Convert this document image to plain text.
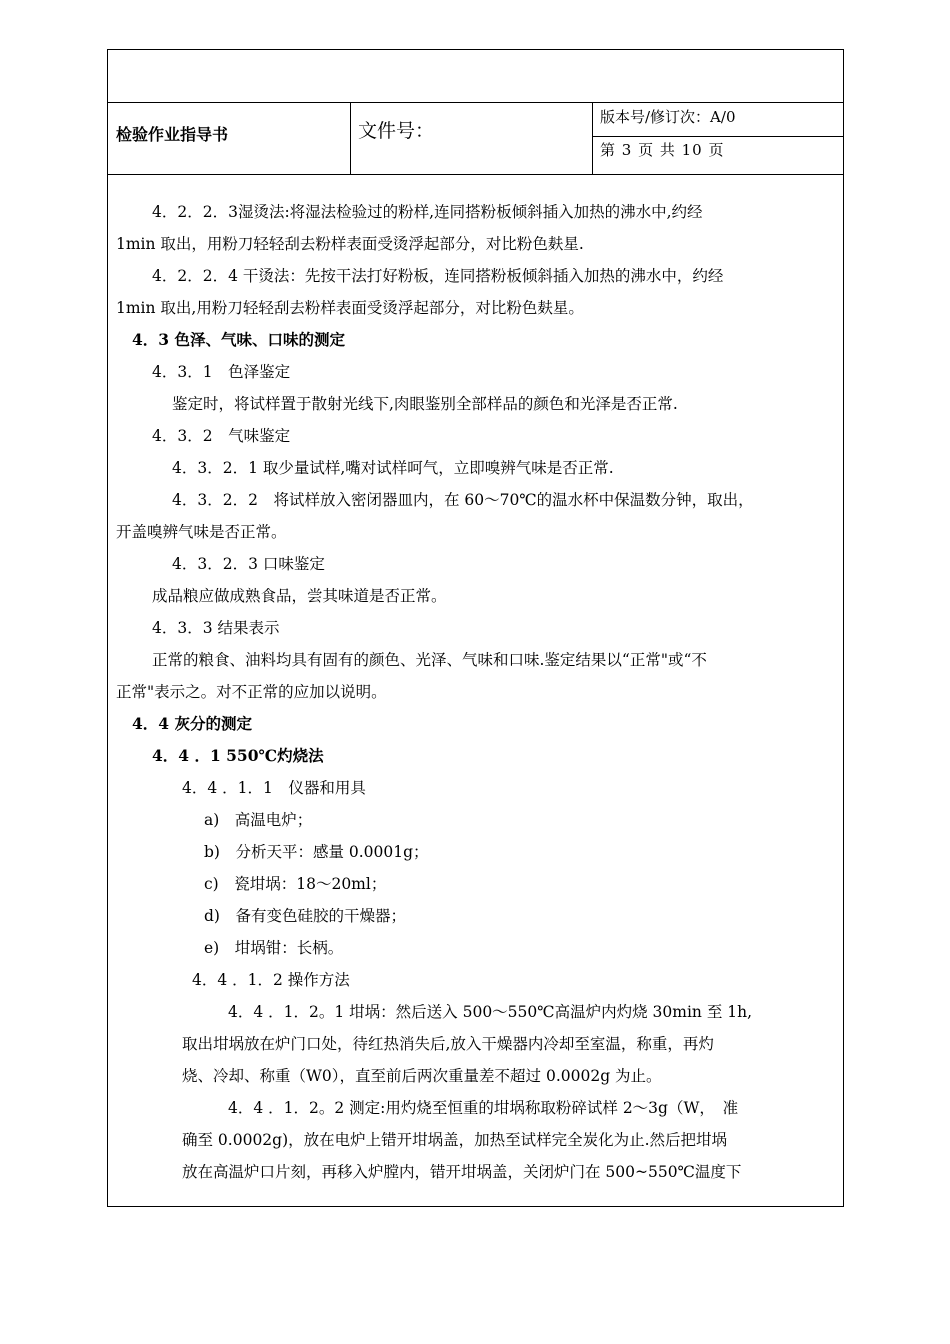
检验作业指导书	文件号：
版本号/修订次：A/0
第 3 页 共 10 页

4．2．2．3湿烫法:将湿法检验过的粉样,连同搭粉板倾斜插入加热的沸水中,约经

1min 取出，用粉刀轻轻刮去粉样表面受烫浮起部分，对比粉色麸星.

4．2．2．4 干烫法：先按干法打好粉板，连同搭粉板倾斜插入加热的沸水中，约经

1min 取出,用粉刀轻轻刮去粉样表面受烫浮起部分，对比粉色麸星。

4．3 色泽、气味、口味的测定

4．3．1　色泽鉴定

鉴定时，将试样置于散射光线下,肉眼鉴别全部样品的颜色和光泽是否正常.

4．3．2　气味鉴定

4．3．2．1 取少量试样,嘴对试样呵气，立即嗅辨气味是否正常.

4．3．2．2　将试样放入密闭器皿内，在 60～70℃的温水杯中保温数分钟，取出，

开盖嗅辨气味是否正常。

4．3．2．3 口味鉴定

成品粮应做成熟食品，尝其味道是否正常。

4．3．3 结果表示

正常的粮食、油料均具有固有的颜色、光泽、气味和口味.鉴定结果以“正常"或“不

正常"表示之。对不正常的应加以说明。

4．4 灰分的测定

4．4 ．1 550℃灼烧法

4．4 ．1．1　仪器和用具

a)　高温电炉；

b)　分析天平：感量 0.0001g；

c)　瓷坩埚：18～20ml；

d)　备有变色硅胶的干燥器；

e)　坩埚钳：长柄。

4．4 ．1．2 操作方法

4．4 ．1．2。1 坩埚：然后送入 500～550℃高温炉内灼烧 30min 至 1h,

取出坩埚放在炉门口处，待红热消失后,放入干燥器内冷却至室温，称重，再灼

烧、冷却、称重（W0），直至前后两次重量差不超过 0.0002g 为止。

4．4 ．1．2。2 测定:用灼烧至恒重的坩埚称取粉碎试样 2～3g（W，　准

确至 0.0002g)，放在电炉上错开坩埚盖，加热至试样完全炭化为止.然后把坩埚

放在高温炉口片刻，再移入炉膛内，错开坩埚盖，关闭炉门在 500~550℃温度下
